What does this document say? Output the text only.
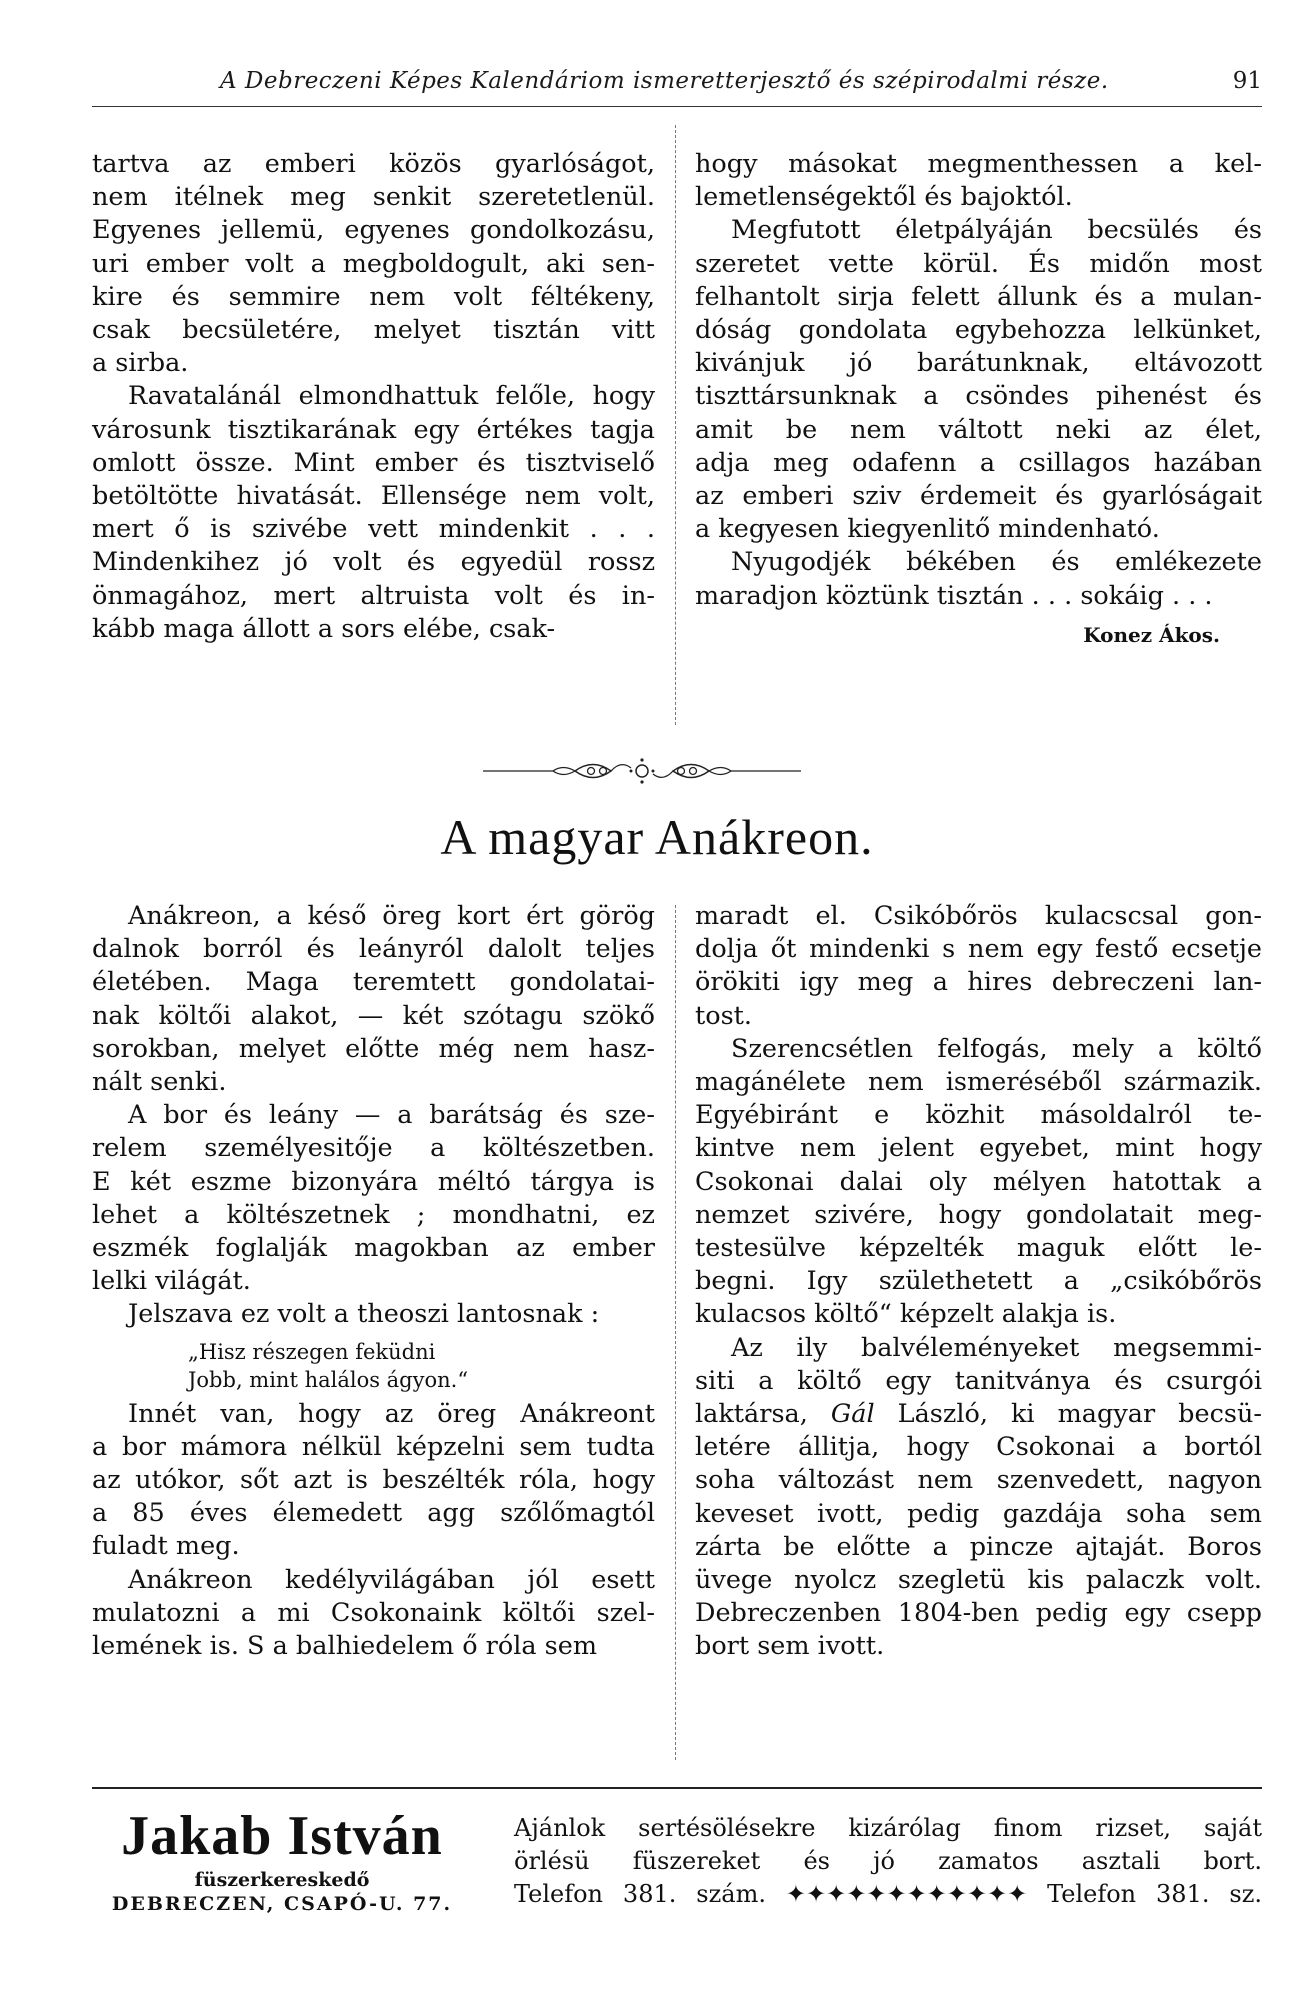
A Debreczeni Képes Kalendáriom ismeretterjesztő és szépirodalmi része.	91

tartva az emberi közös gyarlóságot,
nem itélnek meg senkit szeretetlenül.
Egyenes jellemü, egyenes gondolkozásu,
uri ember volt a megboldogult, aki sen-
kire és semmire nem volt féltékeny,
csak becsületére, melyet tisztán vitt
a sirba.

Ravatalánál elmondhattuk felőle, hogy
városunk tisztikarának egy értékes tagja
omlott össze. Mint ember és tisztviselő
betöltötte hivatását. Ellensége nem volt,
mert ő is szivébe vett mindenkit . . .
Mindenkihez jó volt és egyedül rossz
önmagához, mert altruista volt és in-
kább maga állott a sors elébe, csak-

hogy másokat megmenthessen a kel-
lemetlenségektől és bajoktól.

Megfutott életpályáján becsülés és
szeretet vette körül. És midőn most
felhantolt sirja felett állunk és a mulan-
dóság gondolata egybehozza lelkünket,
kivánjuk jó barátunknak, eltávozott
tiszttársunknak a csöndes pihenést és
amit be nem váltott neki az élet,
adja meg odafenn a csillagos hazában
az emberi sziv érdemeit és gyarlóságait
a kegyesen kiegyenlitő mindenható.

Nyugodjék békében és emlékezete
maradjon köztünk tisztán . . . sokáig . . .

Konez Ákos.
A magyar Anákreon.

Anákreon, a késő öreg kort ért görög
dalnok borról és leányról dalolt teljes
életében. Maga teremtett gondolatai-
nak költői alakot, — két szótagu szökő
sorokban, melyet előtte még nem hasz-
nált senki.

A bor és leány — a barátság és sze-
relem személyesitője a költészetben.
E két eszme bizonyára méltó tárgya is
lehet a költészetnek ; mondhatni, ez
eszmék foglalják magokban az ember
lelki világát.

Jelszava ez volt a theoszi lantosnak :

„Hisz részegen feküdni
Jobb, mint halálos ágyon.“

Innét van, hogy az öreg Anákreont
a bor mámora nélkül képzelni sem tudta
az utókor, sőt azt is beszélték róla, hogy
a 85 éves élemedett agg szőlőmagtól
fuladt meg.

Anákreon kedélyvilágában jól esett
mulatozni a mi Csokonaink költői szel-
lemének is. S a balhiedelem ő róla sem

maradt el. Csikóbőrös kulacscsal gon-
dolja őt mindenki s nem egy festő ecsetje
örökiti igy meg a hires debreczeni lan-
tost.

Szerencsétlen felfogás, mely a költő
magánélete nem ismeréséből származik.
Egyébiránt e közhit másoldalról te-
kintve nem jelent egyebet, mint hogy
Csokonai dalai oly mélyen hatottak a
nemzet szivére, hogy gondolatait meg-
testesülve képzelték maguk előtt le-
begni. Igy születhetett a „csikóbőrös
kulacsos költő“ képzelt alakja is.

Az ily balvéleményeket megsemmi-
siti a költő egy tanitványa és csurgói
laktársa, Gál László, ki magyar becsü-
letére állitja, hogy Csokonai a bortól
soha változást nem szenvedett, nagyon
keveset ivott, pedig gazdája soha sem
zárta be előtte a pincze ajtaját. Boros
üvege nyolcz szegletü kis palaczk volt.
Debreczenben 1804-ben pedig egy csepp
bort sem ivott.

Jakab István
füszerkereskedő
DEBRECZEN, CSAPÓ-U. 77.
Ajánlok sertésölésekre kizárólag finom rizset, saját
örlésü füszereket és jó zamatos asztali bort.
Telefon 381. szám. ✦✦✦✦✦✦✦✦✦✦✦✦ Telefon 381. sz.
